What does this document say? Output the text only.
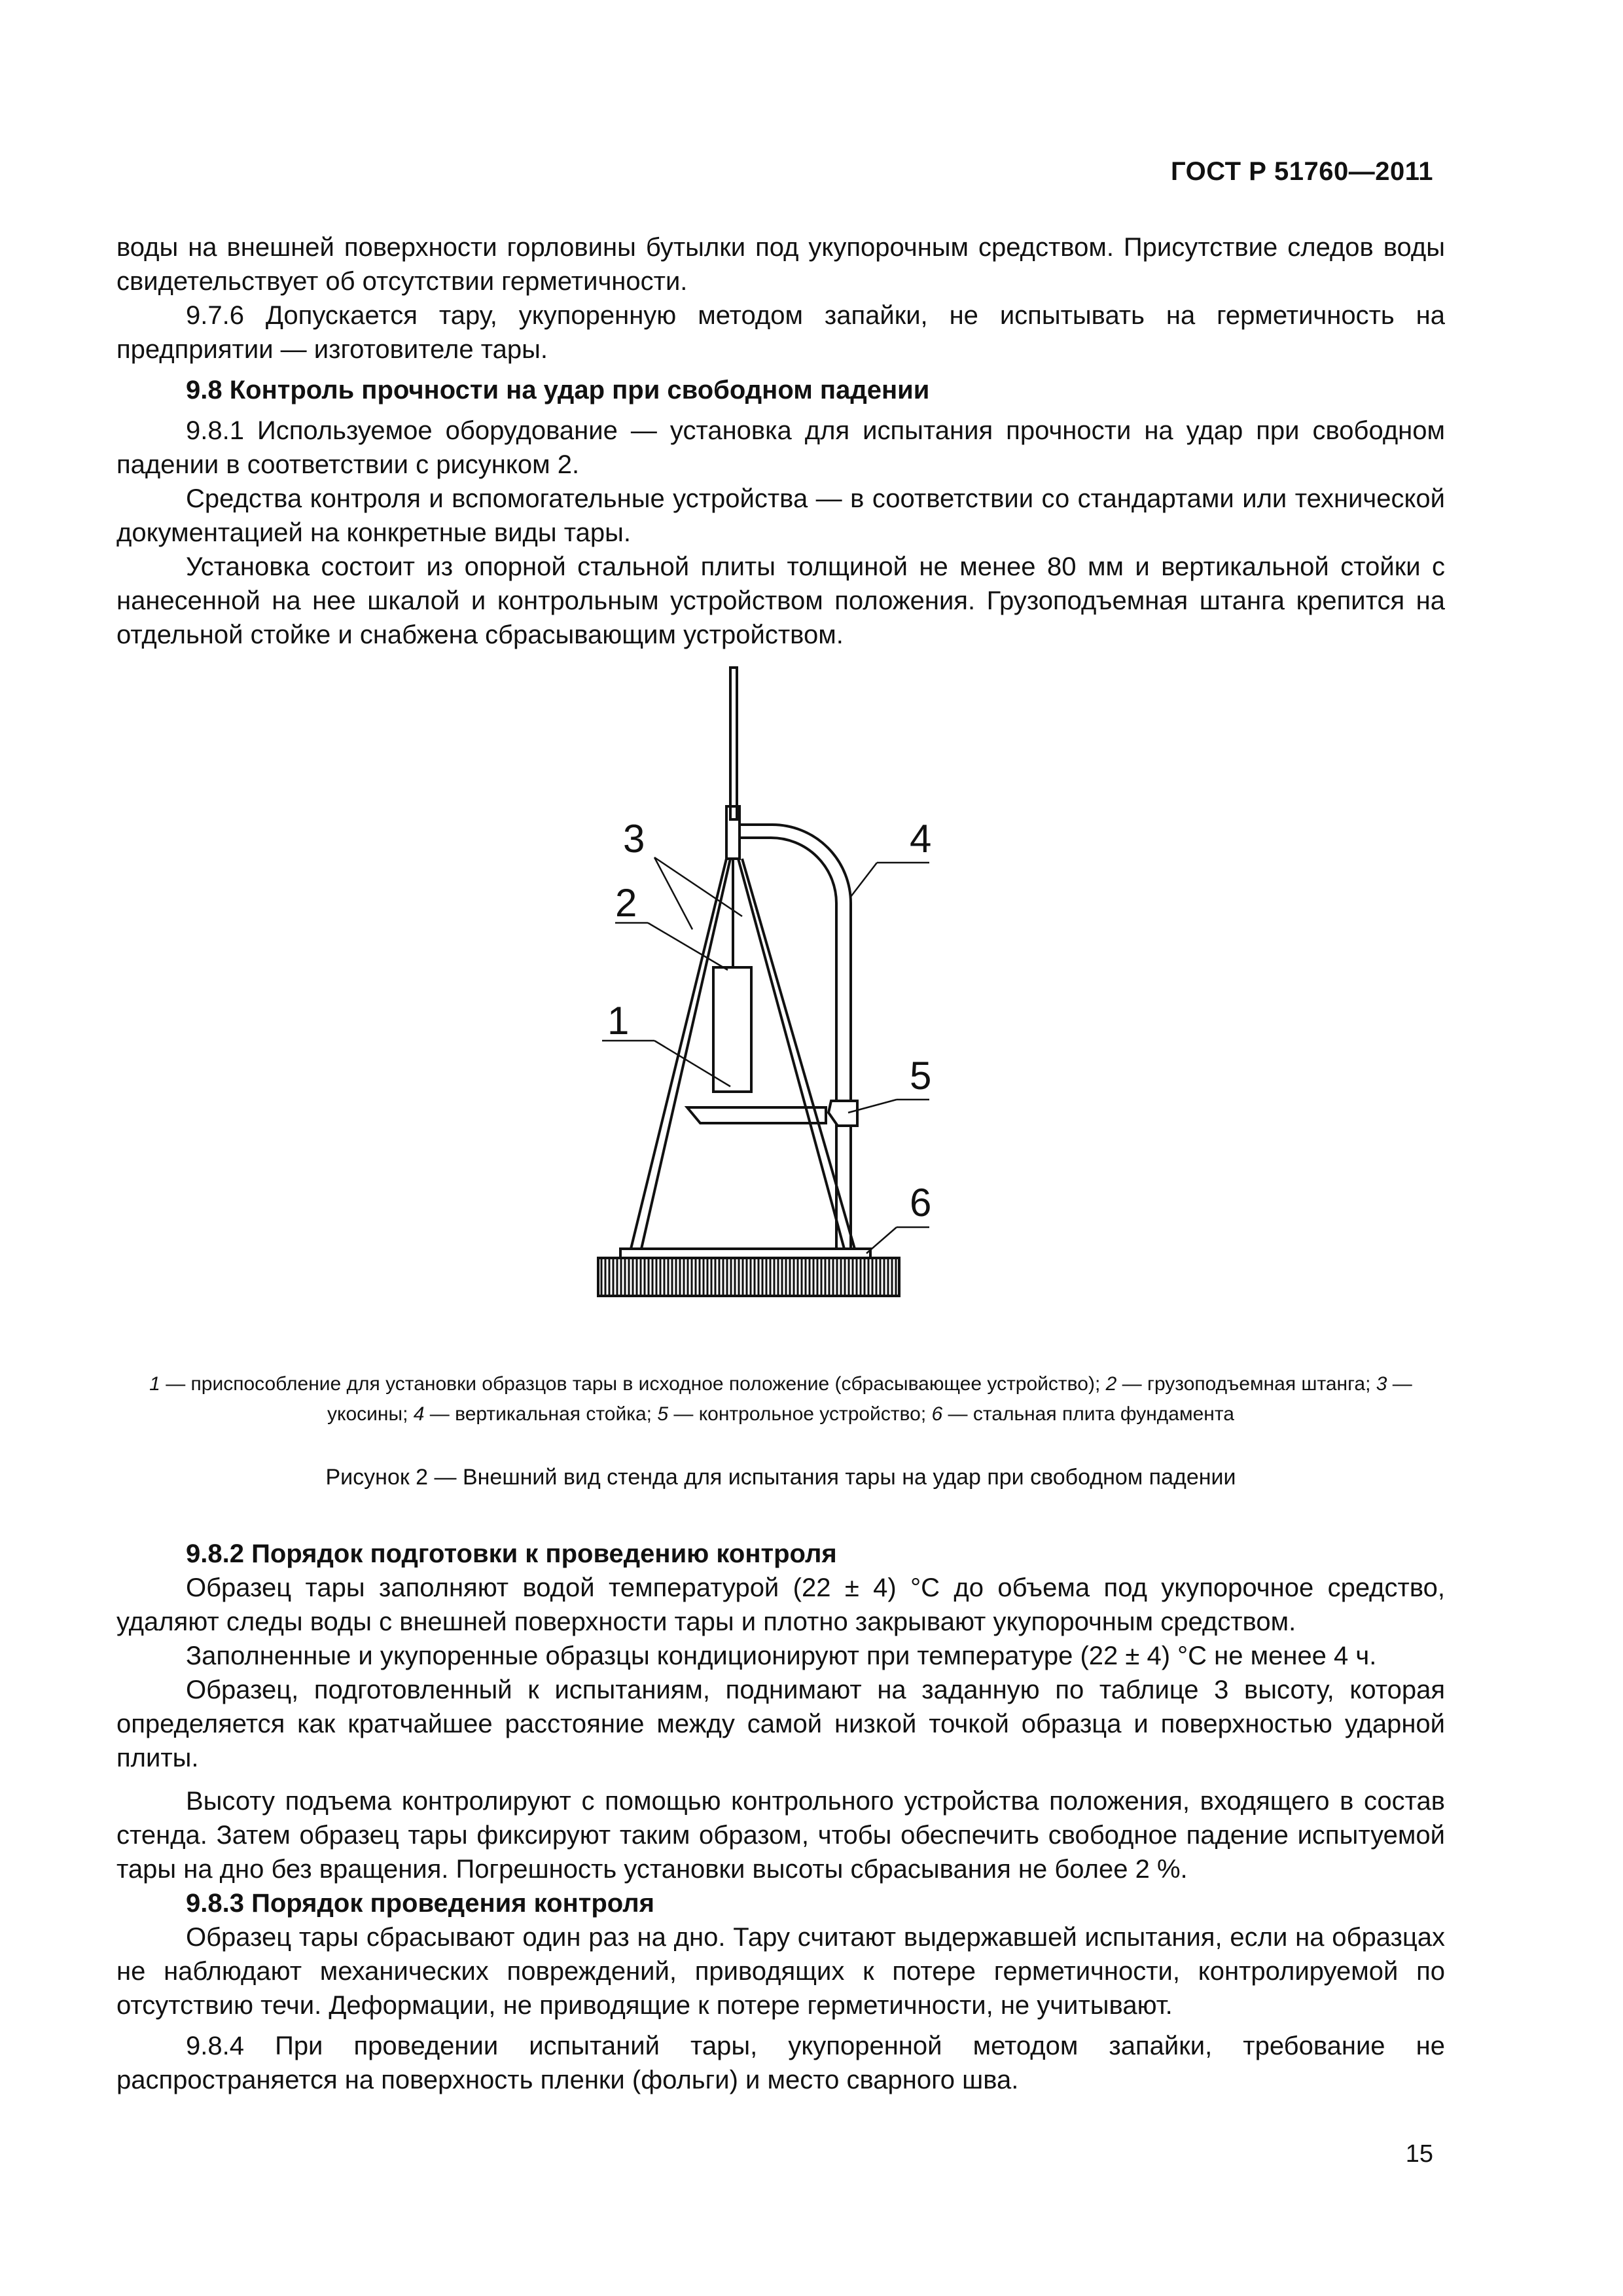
ГОСТ Р 51760—2011

воды на внешней поверхности горловины бутылки под укупорочным средством. Присутствие следов воды свидетельствует об отсутствии герметичности.

9.7.6 Допускается тару, укупоренную методом запайки, не испытывать на герметичность на предприятии — изготовителе тары.

9.8 Контроль прочности на удар при свободном падении

9.8.1 Используемое оборудование — установка для испытания прочности на удар при свободном падении в соответствии с рисунком 2.

Средства контроля и вспомогательные устройства — в соответствии со стандартами или технической документацией на конкретные виды тары.

Установка состоит из опорной стальной плиты толщиной не менее 80 мм и вертикальной стойки с нанесенной на нее шкалой и контрольным устройством положения. Грузоподъемная штанга крепится на отдельной стойке и снабжена сбрасывающим устройством.

3
2
1
4
5
6
1 — приспособление для установки образцов тары в исходное положение (сбрасывающее устройство); 2 — грузоподъемная штанга; 3 — укосины; 4 — вертикальная стойка; 5 — контрольное устройство; 6 — стальная плита фундамента
Рисунок 2 — Внешний вид стенда для испытания тары на удар при свободном падении

9.8.2 Порядок подготовки к проведению контроля

Образец тары заполняют водой температурой (22 ± 4) °С до объема под укупорочное средство, удаляют следы воды с внешней поверхности тары и плотно закрывают укупорочным средством.

Заполненные и укупоренные образцы кондиционируют при температуре (22 ± 4) °С не менее 4 ч.

Образец, подготовленный к испытаниям, поднимают на заданную по таблице 3 высоту, которая определяется как кратчайшее расстояние между самой низкой точкой образца и поверхностью ударной плиты.

Высоту подъема контролируют с помощью контрольного устройства положения, входящего в состав стенда. Затем образец тары фиксируют таким образом, чтобы обеспечить свободное падение испытуемой тары на дно без вращения. Погрешность установки высоты сбрасывания не более 2 %.

9.8.3 Порядок проведения контроля

Образец тары сбрасывают один раз на дно. Тару считают выдержавшей испытания, если на образцах не наблюдают механических повреждений, приводящих к потере герметичности, контролируемой по отсутствию течи. Деформации, не приводящие к потере герметичности, не учитывают.

9.8.4 При проведении испытаний тары, укупоренной методом запайки, требование не распространяется на поверхность пленки (фольги) и место сварного шва.

15
